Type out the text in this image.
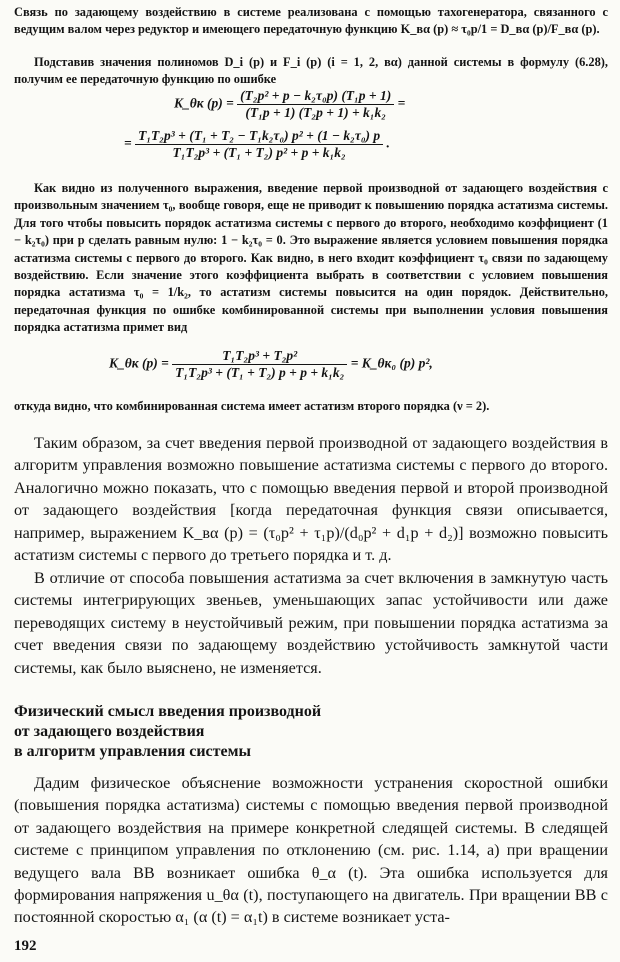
Связь по задающему воздействию в системе реализована с помощью тахогенератора, связанного с ведущим валом через редуктор и имеющего передаточную функцию K_вα (p) ≈ τ₀p/1 = D_вα (p)/F_вα (p).

Подставив значения полиномов D_i (p) и F_i (p) (i = 1, 2, вα) данной системы в формулу (6.28), получим ее передаточную функцию по ошибке

K_θк $(p) = \frac{\text{(T₂p² + p − k₂τ₀p) (T₁p + 1)}}{\text{(T₁p + 1) (T₂p + 1) + k₁k₂}}$ =
= $\frac{\text{T₁T₂p³ + (T₁ + T₂ − T₁k₂τ₀) p² + (1 − k₂τ₀) p}}{\text{T₁T₂p³ + (T₁ + T₂) p² + p + k₁k₂}}$ .

Как видно из полученного выражения, введение первой производной от задающего воздействия с произвольным значением τ₀, вообще говоря, еще не приводит к повышению порядка астатизма системы. Для того чтобы повысить порядок астатизма системы с первого до второго, необходимо коэффициент (1 − k₂τ₀) при p сделать равным нулю: 1 − k₂τ₀ = 0. Это выражение является условием повышения порядка астатизма системы с первого до второго. Как видно, в него входит коэффициент τ₀ связи по задающему воздействию. Если значение этого коэффициента выбрать в соответствии с условием повышения порядка астатизма τ₀ = 1/k₂, то астатизм системы повысится на один порядок. Действительно, передаточная функция по ошибке комбинированной системы при выполнении условия повышения порядка астатизма примет вид

K_θк $(p) = \frac{\text{T₁T₂p³ + T₂p²}}{\text{T₁T₂p³ + (T₁ + T₂) p + p + k₁k₂}}$ = K_θк₀ (p) p²,

откуда видно, что комбинированная система имеет астатизм второго порядка (ν = 2).

Таким образом, за счет введения первой производной от задающего воздействия в алгоритм управления возможно повышение астатизма системы с первого до второго. Аналогично можно показать, что с помощью введения первой и второй производной от задающего воздействия [когда передаточная функция связи описывается, например, выражением K_вα (p) = (τ₀p² + τ₁p)/(d₀p² + d₁p + d₂)] возможно повысить астатизм системы с первого до третьего порядка и т. д.

В отличие от способа повышения астатизма за счет включения в замкнутую часть системы интегрирующих звеньев, уменьшающих запас устойчивости или даже переводящих систему в неустойчивый режим, при повышении порядка астатизма за счет введения связи по задающему воздействию устойчивость замкнутой части системы, как было выяснено, не изменяется.

Физический смысл введения производной

от задающего воздействия

в алгоритм управления системы

Дадим физическое объяснение возможности устранения скоростной ошибки (повышения порядка астатизма) системы с помощью введения первой производной от задающего воздействия на примере конкретной следящей системы. В следящей системе с принципом управления по отклонению (см. рис. 1.14, а) при вращении ведущего вала BB возникает ошибка θ_α (t). Эта ошибка используется для формирования напряжения u_θα (t), поступающего на двигатель. При вращении BB с постоянной скоростью α₁ (α (t) = α₁t) в системе возникает уста-

192
